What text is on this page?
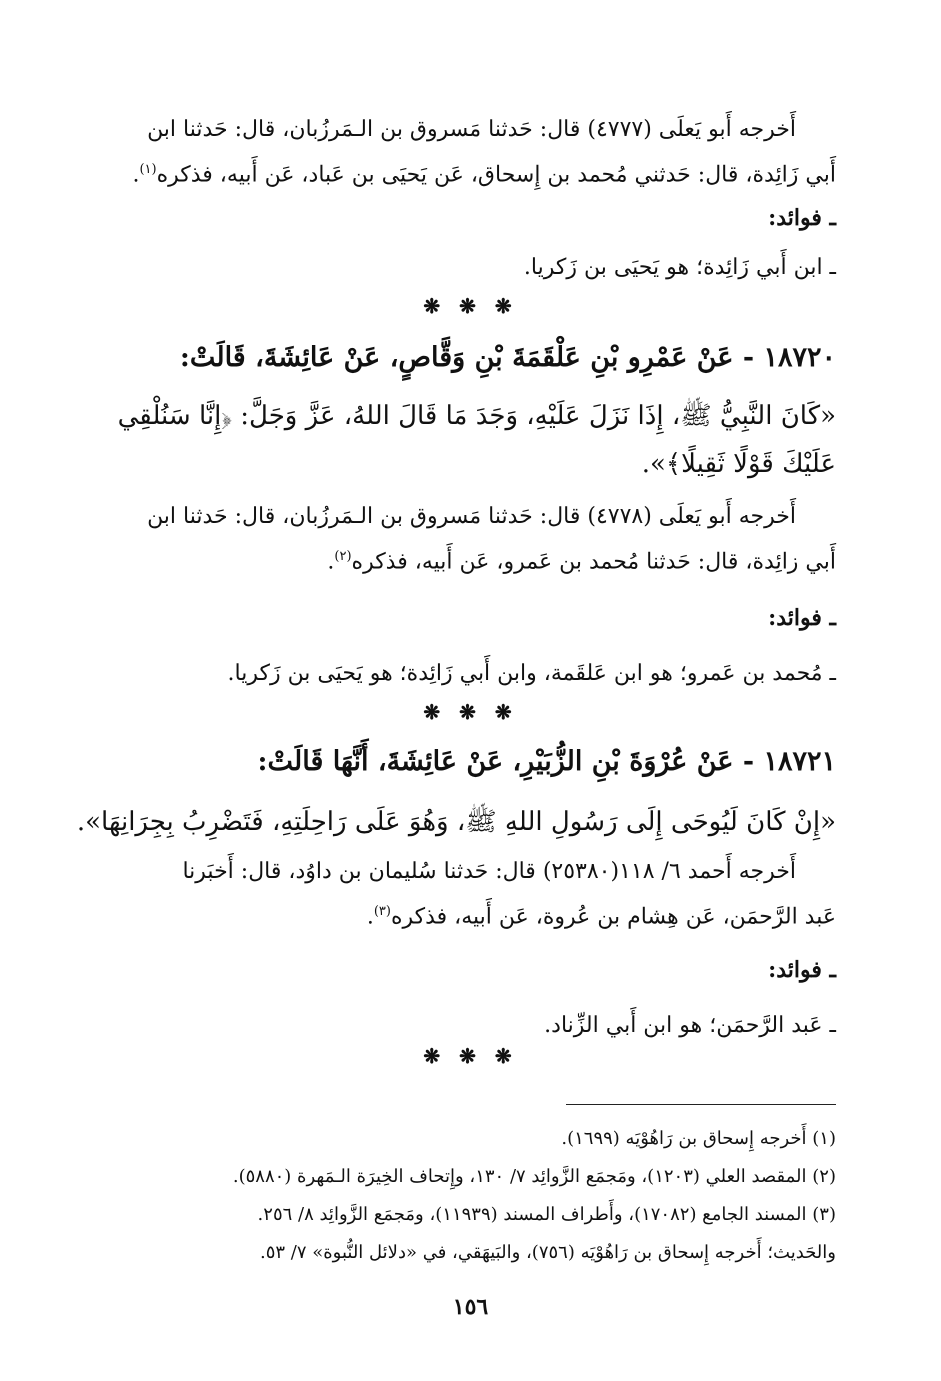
أَخرجه أَبو يَعلَى (٤٧٧٧) قال: حَدثنا مَسروق بن الـمَرزُبان، قال: حَدثنا ابن
أَبي زَائِدة، قال: حَدثني مُحمد بن إِسحاق، عَن يَحيَى بن عَباد، عَن أَبيه، فذكره$^{(١)}$.
ـ فوائد:
ـ ابن أَبي زَائِدة؛ هو يَحيَى بن زَكريا.
❋ ❋ ❋
١٨٧٢٠ - عَنْ عَمْرِو بْنِ عَلْقَمَةَ بْنِ وَقَّاصٍ، عَنْ عَائِشَةَ، قَالَتْ:
«كَانَ النَّبِيُّ ﷺ، إِذَا نَزَلَ عَلَيْهِ، وَجَدَ مَا قَالَ اللهُ، عَزَّ وَجَلَّ: ﴿إِنَّا سَنُلْقِي
عَلَيْكَ قَوْلًا ثَقِيلًا﴾».
أَخرجه أَبو يَعلَى (٤٧٧٨) قال: حَدثنا مَسروق بن الـمَرزُبان، قال: حَدثنا ابن
أَبي زائِدة، قال: حَدثنا مُحمد بن عَمرو، عَن أَبيه، فذكره$^{(٢)}$.
ـ فوائد:
ـ مُحمد بن عَمرو؛ هو ابن عَلقَمة، وابن أَبي زَائِدة؛ هو يَحيَى بن زَكريا.
❋ ❋ ❋
١٨٧٢١ - عَنْ عُرْوَةَ بْنِ الزُّبَيْرِ، عَنْ عَائِشَةَ، أَنَّهَا قَالَتْ:
«إِنْ كَانَ لَيُوحَى إِلَى رَسُولِ اللهِ ﷺ، وَهُوَ عَلَى رَاحِلَتِهِ، فَتَضْرِبُ بِجِرَانِهَا».
أَخرجه أَحمد ٦/ ١١٨(٢٥٣٨٠) قال: حَدثنا سُليمان بن داوُد، قال: أَخبَرنا
عَبد الرَّحمَن، عَن هِشام بن عُروة، عَن أَبيه، فذكره$^{(٣)}$.
ـ فوائد:
ـ عَبد الرَّحمَن؛ هو ابن أَبي الزِّناد.
❋ ❋ ❋
(١) أَخرجه إِسحاق بن رَاهُوْيَه (١٦٩٩).
(٢) المقصد العلي (١٢٠٣)، ومَجمَع الزَّوائِد ٧/ ١٣٠، وإِتحاف الخِيرَة الـمَهرة (٥٨٨٠).
(٣) المسند الجامع (١٧٠٨٢)، وأَطراف المسند (١١٩٣٩)، ومَجمَع الزَّوائِد ٨/ ٢٥٦.
والحَديث؛ أَخرجه إِسحاق بن رَاهُوْيَه (٧٥٦)، والبَيهَقي، في «دلائل النُّبوة» ٧/ ٥٣.
١٥٦
